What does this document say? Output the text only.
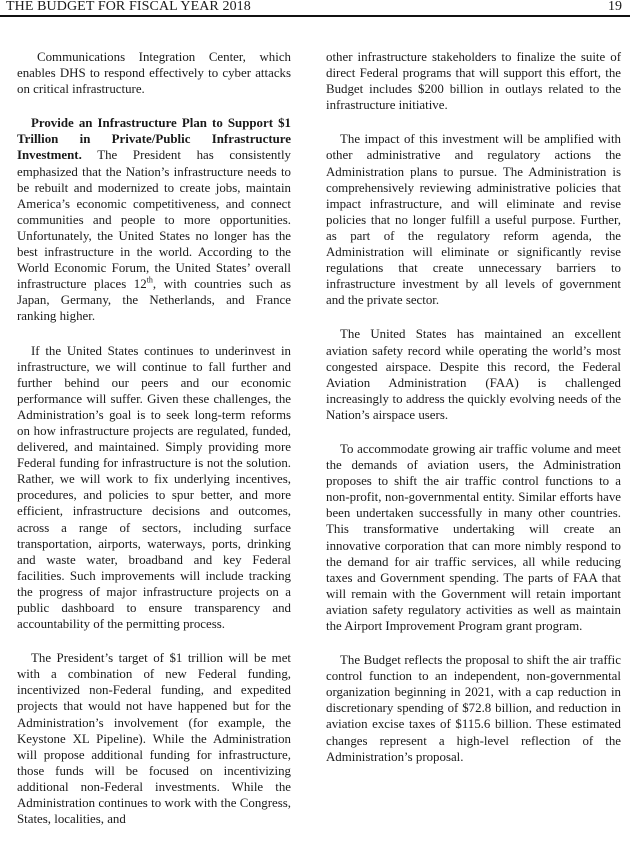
THE BUDGET FOR FISCAL YEAR 2018	19

Communications Integration Center, which enables DHS to respond effectively to cyber attacks on critical infrastructure.

Provide an Infrastructure Plan to Support $1 Trillion in Private/Public Infrastructure Investment. The President has consistently emphasized that the Nation’s infrastructure needs to be rebuilt and modernized to create jobs, maintain America’s economic competitiveness, and connect communities and people to more opportunities. Unfortunately, the United States no longer has the best infrastructure in the world. According to the World Economic Forum, the United States’ overall infrastructure places 12th, with countries such as Japan, Germany, the Netherlands, and France ranking higher.

If the United States continues to underinvest in infrastructure, we will continue to fall further and further behind our peers and our economic performance will suffer. Given these challenges, the Administration’s goal is to seek long-term reforms on how infrastructure projects are regulated, funded, delivered, and maintained. Simply providing more Federal funding for infrastructure is not the solution. Rather, we will work to fix underlying incentives, procedures, and policies to spur better, and more efficient, infrastructure decisions and outcomes, across a range of sectors, including surface transportation, airports, waterways, ports, drinking and waste water, broadband and key Federal facilities. Such improvements will include tracking the progress of major infrastructure projects on a public dashboard to ensure transparency and accountability of the permitting process.

The President’s target of $1 trillion will be met with a combination of new Federal funding, incentivized non-Federal funding, and expedited projects that would not have happened but for the Administration’s involvement (for example, the Keystone XL Pipeline). While the Administration will propose additional funding for infrastructure, those funds will be focused on incentivizing additional non-Federal investments. While the Administration continues to work with the Congress, States, localities, and

other infrastructure stakeholders to finalize the suite of direct Federal programs that will support this effort, the Budget includes $200 billion in outlays related to the infrastructure initiative.

The impact of this investment will be amplified with other administrative and regulatory actions the Administration plans to pursue. The Administration is comprehensively reviewing administrative policies that impact infrastructure, and will eliminate and revise policies that no longer fulfill a useful purpose. Further, as part of the regulatory reform agenda, the Administration will eliminate or significantly revise regulations that create unnecessary barriers to infrastructure investment by all levels of government and the private sector.

The United States has maintained an excellent aviation safety record while operating the world’s most congested airspace. Despite this record, the Federal Aviation Administration (FAA) is challenged increasingly to address the quickly evolving needs of the Nation’s airspace users.

To accommodate growing air traffic volume and meet the demands of aviation users, the Administration proposes to shift the air traffic control functions to a non-profit, non-governmental entity. Similar efforts have been undertaken successfully in many other countries. This transformative undertaking will create an innovative corporation that can more nimbly respond to the demand for air traffic services, all while reducing taxes and Government spending. The parts of FAA that will remain with the Government will retain important aviation safety regulatory activities as well as maintain the Airport Improvement Program grant program.

The Budget reflects the proposal to shift the air traffic control function to an independent, non-governmental organization beginning in 2021, with a cap reduction in discretionary spending of $72.8 billion, and reduction in aviation excise taxes of $115.6 billion. These estimated changes represent a high-level reflection of the Administration’s proposal.
